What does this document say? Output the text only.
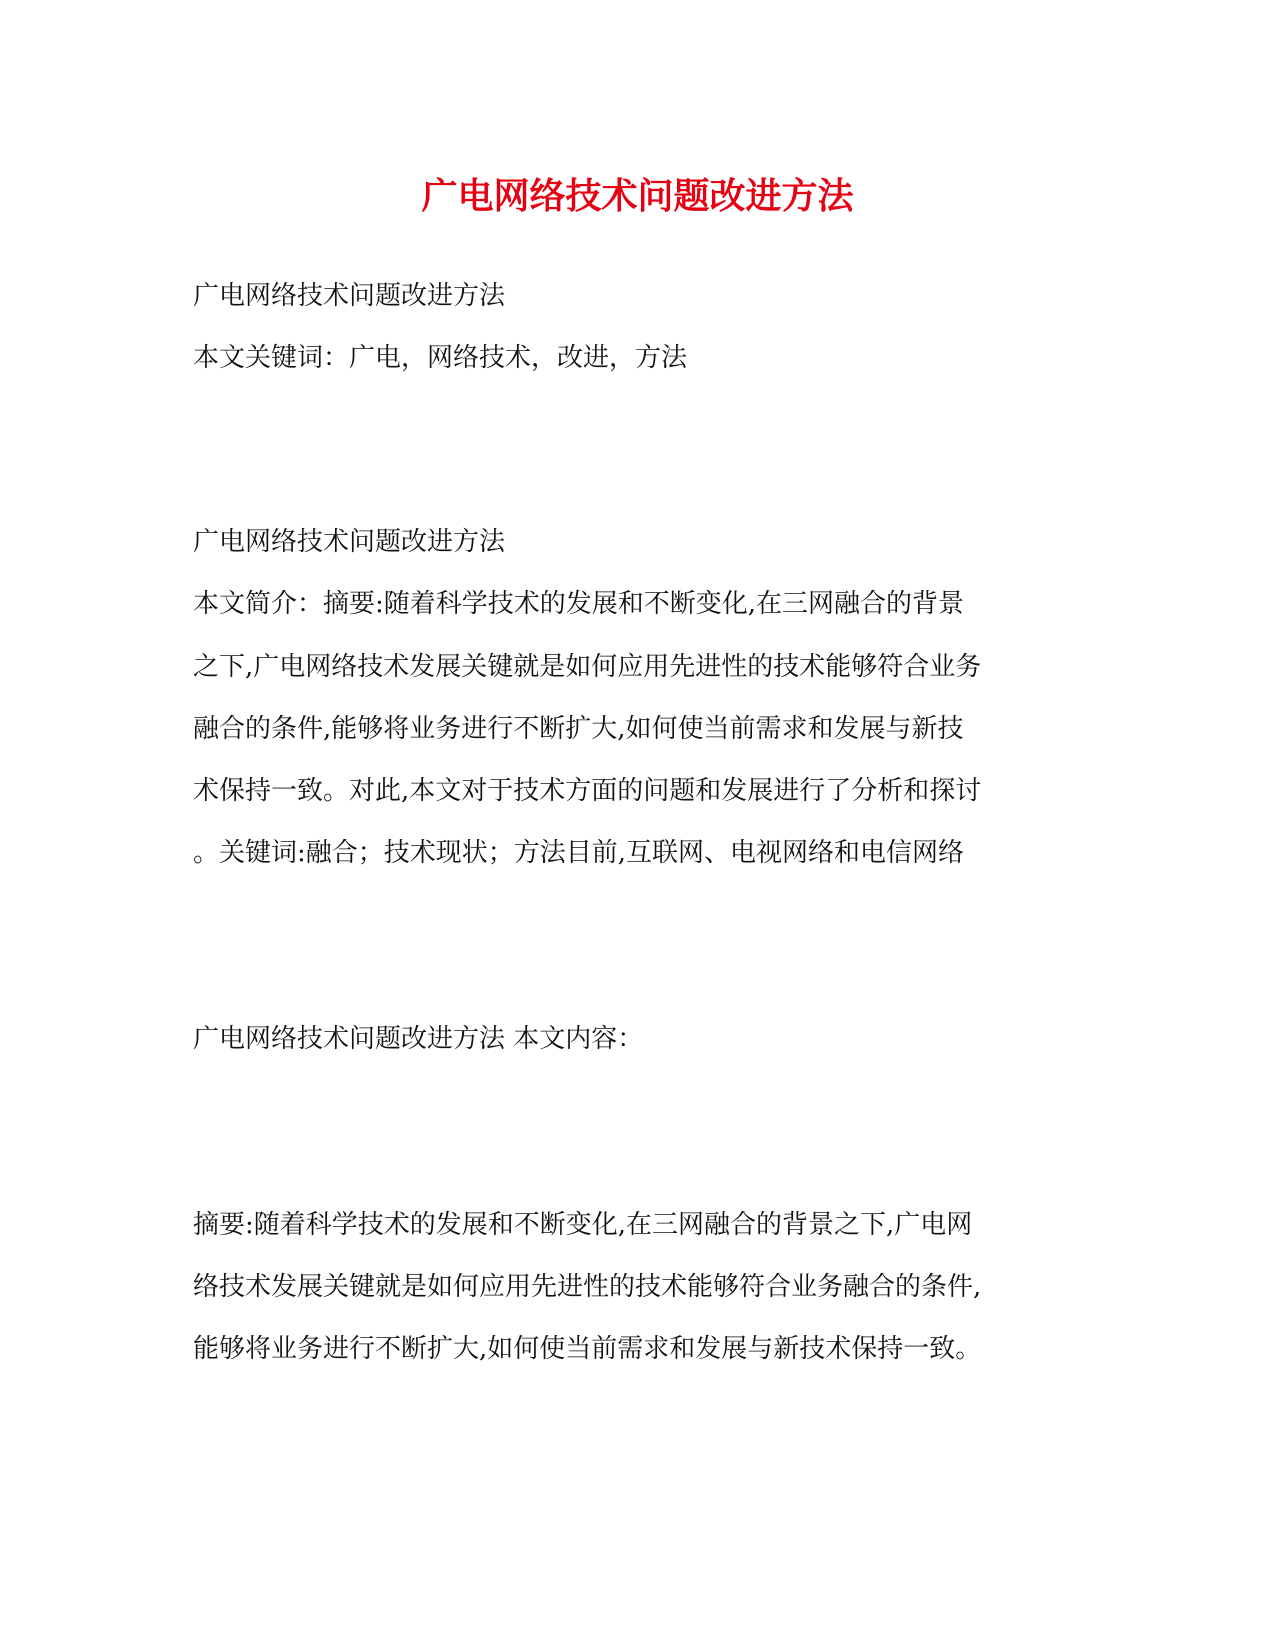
广电网络技术问题改进方法
广电网络技术问题改进方法
本文关键词：广电，网络技术，改进，方法
广电网络技术问题改进方法
本文简介：摘要:随着科学技术的发展和不断变化,在三网融合的背景
之下,广电网络技术发展关键就是如何应用先进性的技术能够符合业务
融合的条件,能够将业务进行不断扩大,如何使当前需求和发展与新技
术保持一致。对此,本文对于技术方面的问题和发展进行了分析和探讨
。关键词:融合；技术现状；方法目前,互联网、电视网络和电信网络
广电网络技术问题改进方法 本文内容：
摘要:随着科学技术的发展和不断变化,在三网融合的背景之下,广电网
络技术发展关键就是如何应用先进性的技术能够符合业务融合的条件,
能够将业务进行不断扩大,如何使当前需求和发展与新技术保持一致。
